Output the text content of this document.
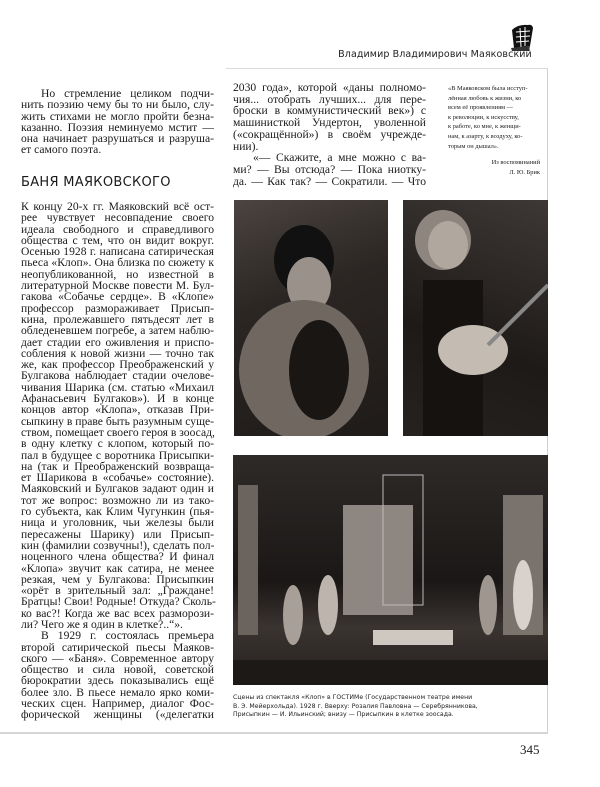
Владимир Владимирович Маяковский
Но стремление целиком подчи-
нить поэзию чему бы то ни было, слу-
жить стихами не могло пройти безна-
казанно. Поэзия неминуемо мстит —
она начинает разрушаться и разруша-
ет самого поэта.
БАНЯ МАЯКОВСКОГО
К концу 20-х гг. Маяковский всё ост-
рее чувствует несовпадение своего
идеала свободного и справедливого
общества с тем, что он видит вокруг.
Осенью 1928 г. написана сатирическая
пьеса «Клоп». Она близка по сюжету к
неопубликованной, но известной в
литературной Москве повести М. Бул-
гакова «Собачье сердце». В «Клопе»
профессор размораживает Присып-
кина, пролежавшего пятьдесят лет в
обледеневшем погребе, а затем наблю-
дает стадии его оживления и приспо-
собления к новой жизни — точно так
же, как профессор Преображенский у
Булгакова наблюдает стадии очелове-
чивания Шарика (см. статью «Михаил
Афанасьевич Булгаков»). И в конце
концов автор «Клопа», отказав При-
сыпкину в праве быть разумным суще-
ством, помещает своего героя в зоосад,
в одну клетку с клопом, который по-
пал в будущее с воротника Присыпки-
на (так и Преображенский возвраща-
ет Шарикова в «собачье» состояние).
Маяковский и Булгаков задают один и
тот же вопрос: возможно ли из тако-
го субъекта, как Клим Чугункин (пья-
ница и уголовник, чьи железы были
пересажены Шарику) или Присып-
кин (фамилии созвучны!), сделать пол-
ноценного члена общества? И финал
«Клопа» звучит как сатира, не менее
резкая, чем у Булгакова: Присыпкин
«орёт в зрительный зал: „Граждане!
Братцы! Свои! Родные! Откуда? Сколь-
ко вас?! Когда же вас всех разморози-
ли? Чего же я один в клетке?..“».
В 1929 г. состоялась премьера
второй сатирической пьесы Маяков-
ского — «Баня». Современное автору
общество и сила новой, советской
бюрократии здесь показывались ещё
более зло. В пьесе немало ярко коми-
ческих сцен. Например, диалог Фос-
форической женщины («делегатки
2030 года», которой «даны полномо-
чия... отобрать лучших... для пере-
броски в коммунистический век») с
машинисткой Ундертон, уволенной
(«сокращённой») в своём учрежде-
нии).
«— Скажите, а мне можно с ва-
ми? — Вы отсюда? — Пока ниотку-
да. — Как так? — Сократили. — Что
«В Маяковском была исступ-
лённая любовь к жизни, ко
всем её проявлениям —
к революции, к искусству,
к работе, ко мне, к женщи-
нам, к азарту, к воздуху, ко-
торым он дышал».
Из воспоминаний
Л. Ю. Брик
Сцены из спектакля «Клоп» в ГОСТИМе (Государственном театре имени
В. Э. Мейерхольда). 1928 г. Вверху: Розалия Павловна — Серебрянникова,
Присыпкин — И. Ильинский; внизу — Присыпкин в клетке зоосада.
345
